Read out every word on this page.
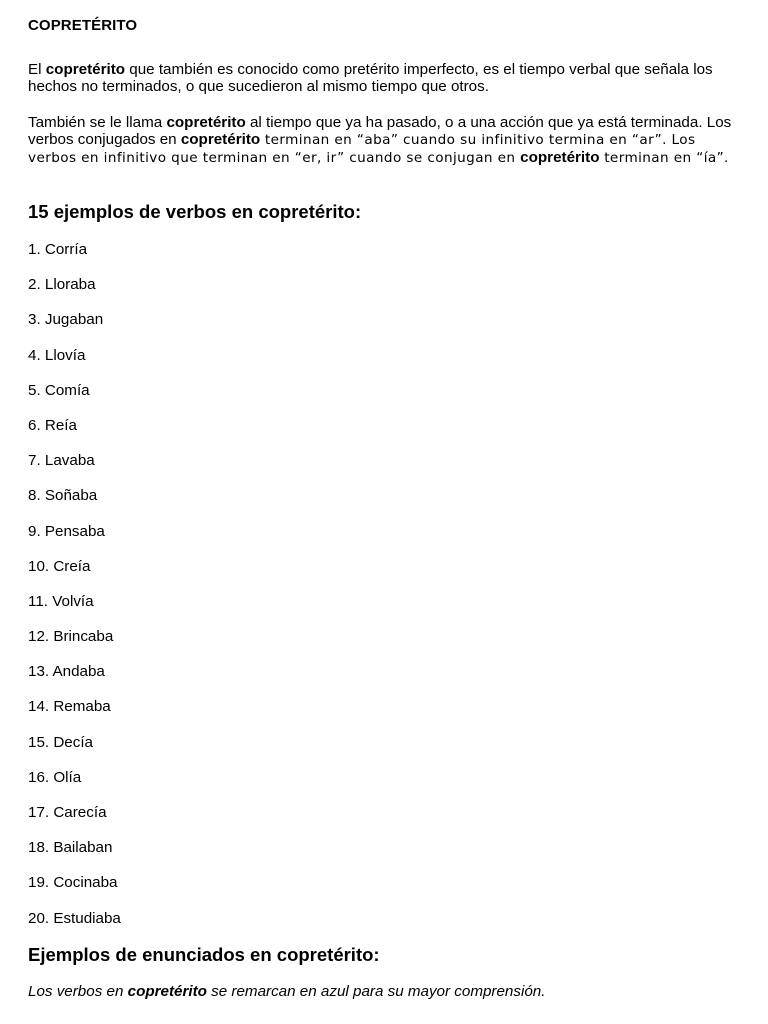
COPRETÉRITO

El copretérito que también es conocido como pretérito imperfecto, es el tiempo verbal que señala los hechos no terminados, o que sucedieron al mismo tiempo que otros.

También se le llama copretérito al tiempo que ya ha pasado, o a una acción que ya está terminada. Los verbos conjugados en copretérito terminan en “aba” cuando su infinitivo termina en “ar”. Los verbos en infinitivo que terminan en “er, ir” cuando se conjugan en copretérito terminan en “ía”.

15 ejemplos de verbos en copretérito:
1. Corría
2. Lloraba
3. Jugaban
4. Llovía
5. Comía
6. Reía
7. Lavaba
8. Soñaba
9. Pensaba
10. Creía
11. Volvía
12. Brincaba
13. Andaba
14. Remaba
15. Decía
16. Olía
17. Carecía
18. Bailaban
19. Cocinaba
20. Estudiaba
Ejemplos de enunciados en copretérito:

Los verbos en copretérito se remarcan en azul para su mayor comprensión.
